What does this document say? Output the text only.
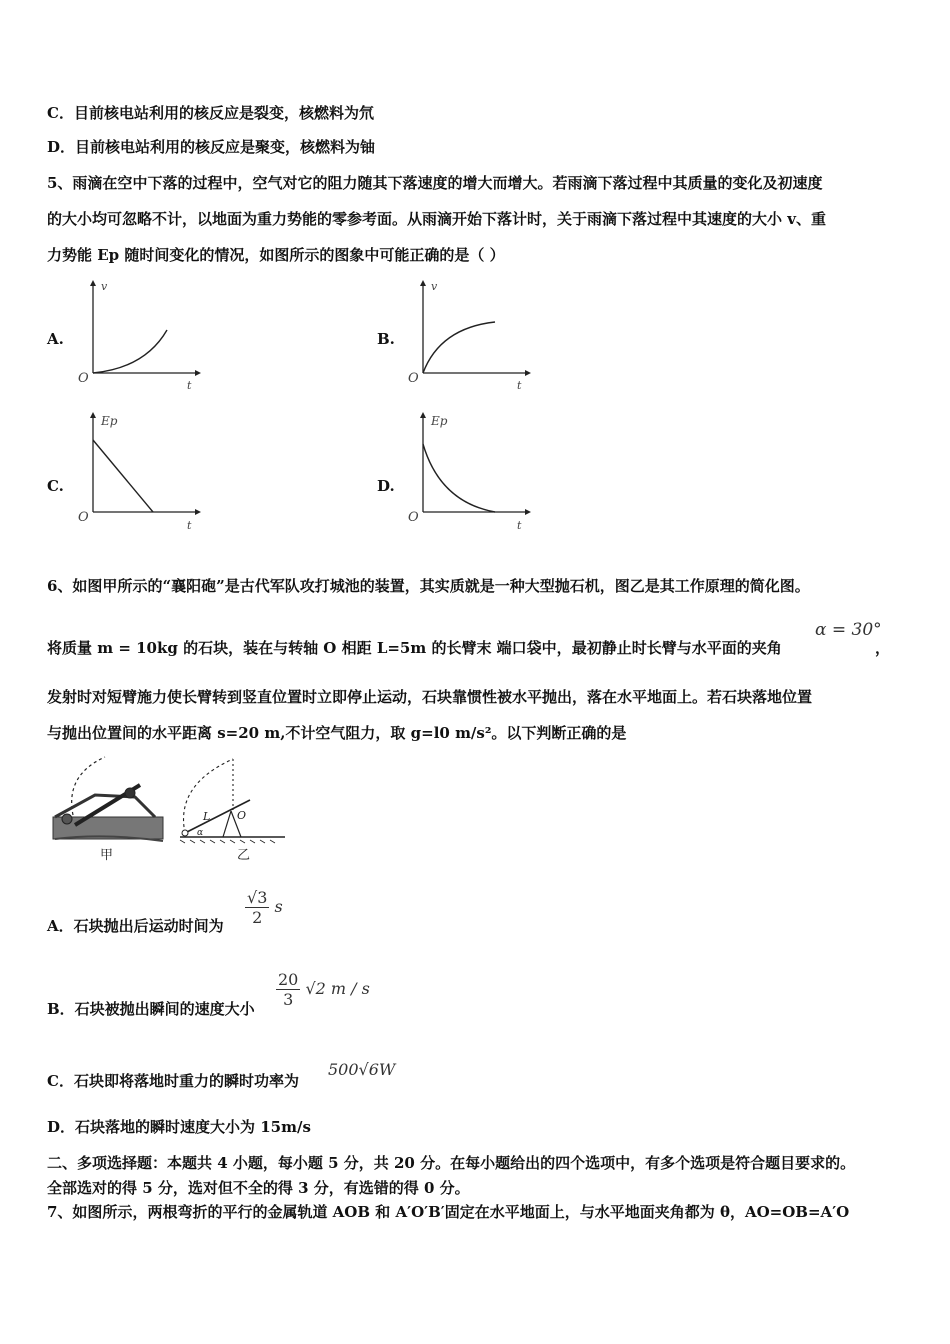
C．目前核电站利用的核反应是裂变，核燃料为氘
D．目前核电站利用的核反应是聚变，核燃料为铀
5、雨滴在空中下落的过程中，空气对它的阻力随其下落速度的增大而增大。若雨滴下落过程中其质量的变化及初速度
的大小均可忽略不计，以地面为重力势能的零参考面。从雨滴开始下落计时，关于雨滴下落过程中其速度的大小 v、重
力势能 Ep 随时间变化的情况，如图所示的图象中可能正确的是（ ）
A.
v
t
O
B.
v
t
O
C.
Ep
t
O
D.
Ep
t
O
6、如图甲所示的“襄阳砲”是古代军队攻打城池的装置，其实质就是一种大型抛石机，图乙是其工作原理的简化图。
将质量 m = 10kg 的石块，装在与转轴 O 相距 L=5m 的长臂末 端口袋中，最初静止时长臂与水平面的夹角
α = 30°
，
发射时对短臂施力使长臂转到竖直位置时立即停止运动，石块靠惯性被水平抛出，落在水平地面上。若石块落地位置
与抛出位置间的水平距离 s=20 m,不计空气阻力，取 g=l0 m/s²。以下判断正确的是
甲
L O
α
乙
A．石块抛出后运动时间为 $\frac{√3}{2}$ s
B．石块被抛出瞬间的速度大小 $\frac{20}{3} √2$ m / s
C．石块即将落地时重力的瞬时功率为
500√6W
D．石块落地的瞬时速度大小为 15m/s
二、多项选择题：本题共 4 小题，每小题 5 分，共 20 分。在每小题给出的四个选项中，有多个选项是符合题目要求的。
全部选对的得 5 分，选对但不全的得 3 分，有选错的得 0 分。
7、如图所示，两根弯折的平行的金属轨道 AOB 和 A′O′B′固定在水平地面上，与水平地面夹角都为 θ，AO=OB=A′O
